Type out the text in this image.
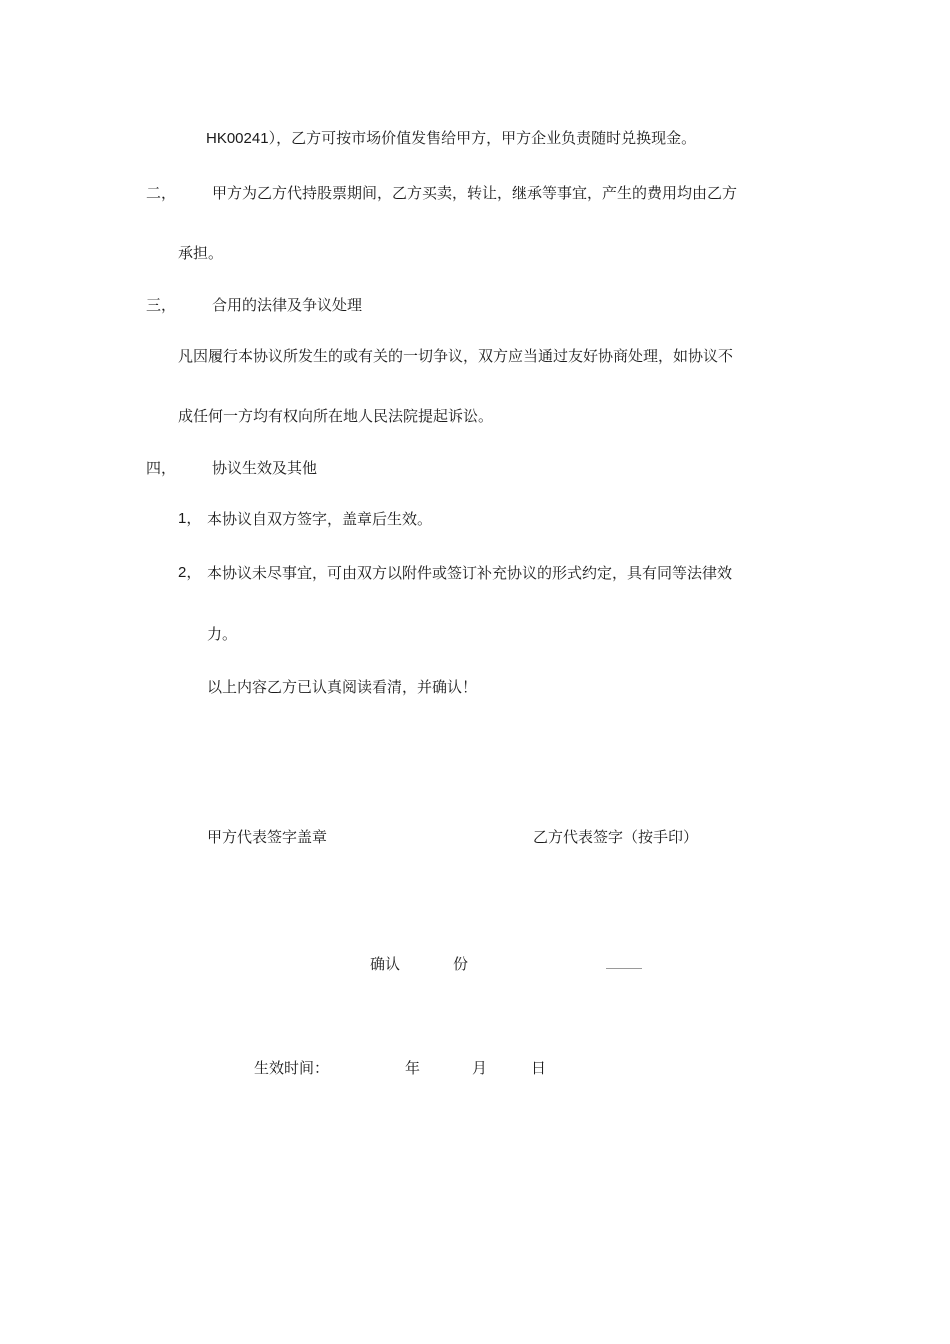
HK00241），乙方可按市场价值发售给甲方，甲方企业负责随时兑换现金。
二， 甲方为乙方代持股票期间，乙方买卖，转让，继承等事宜，产生的费用均由乙方
承担。
三， 合用的法律及争议处理
凡因履行本协议所发生的或有关的一切争议，双方应当通过友好协商处理，如协议不
成任何一方均有权向所在地人民法院提起诉讼。
四， 协议生效及其他
1， 本协议自双方签字，盖章后生效。
2， 本协议未尽事宜，可由双方以附件或签订补充协议的形式约定，具有同等法律效
力。
以上内容乙方已认真阅读看清，并确认！
甲方代表签字盖章	乙方代表签字（按手印）
确认	份
生效时间：	年	月	日
